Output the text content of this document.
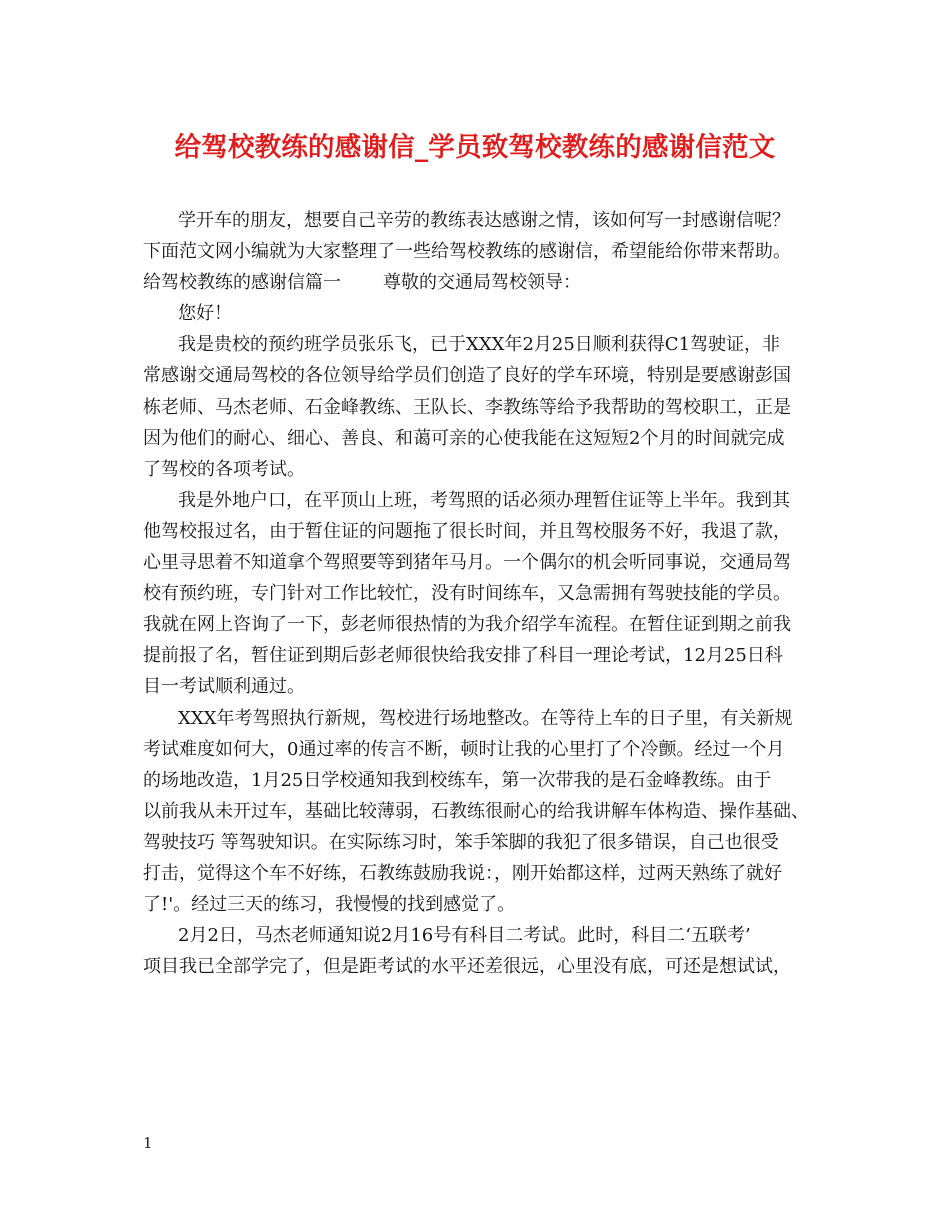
给驾校教练的感谢信_学员致驾校教练的感谢信范文
学开车的朋友，想要自己辛劳的教练表达感谢之情，该如何写一封感谢信呢？
下面范文网小编就为大家整理了一些给驾校教练的感谢信，希望能给你带来帮助。
给驾校教练的感谢信篇一 尊敬的交通局驾校领导：
您好！
我是贵校的预约班学员张乐飞，已于XXX年2月25日顺利获得C1驾驶证，非
常感谢交通局驾校的各位领导给学员们创造了良好的学车环境，特别是要感谢彭国
栋老师、马杰老师、石金峰教练、王队长、李教练等给予我帮助的驾校职工，正是
因为他们的耐心、细心、善良、和蔼可亲的心使我能在这短短2个月的时间就完成
了驾校的各项考试。
我是外地户口，在平顶山上班，考驾照的话必须办理暂住证等上半年。我到其
他驾校报过名，由于暂住证的问题拖了很长时间，并且驾校服务不好，我退了款，
心里寻思着不知道拿个驾照要等到猪年马月。一个偶尔的机会听同事说，交通局驾
校有预约班，专门针对工作比较忙，没有时间练车，又急需拥有驾驶技能的学员。
我就在网上咨询了一下，彭老师很热情的为我介绍学车流程。在暂住证到期之前我
提前报了名，暂住证到期后彭老师很快给我安排了科目一理论考试，12月25日科
目一考试顺利通过。
XXX年考驾照执行新规，驾校进行场地整改。在等待上车的日子里，有关新规
考试难度如何大，0通过率的传言不断，顿时让我的心里打了个冷颤。经过一个月
的场地改造，1月25日学校通知我到校练车，第一次带我的是石金峰教练。由于
以前我从未开过车，基础比较薄弱，石教练很耐心的给我讲解车体构造、操作基础、
驾驶技巧 等驾驶知识。在实际练习时，笨手笨脚的我犯了很多错误，自己也很受
打击，觉得这个车不好练，石教练鼓励我说：，刚开始都这样，过两天熟练了就好
了!'。经过三天的练习，我慢慢的找到感觉了。
2月2日，马杰老师通知说2月16号有科目二考试。此时，科目二‘五联考’
项目我已全部学完了，但是距考试的水平还差很远，心里没有底，可还是想试试，
1
